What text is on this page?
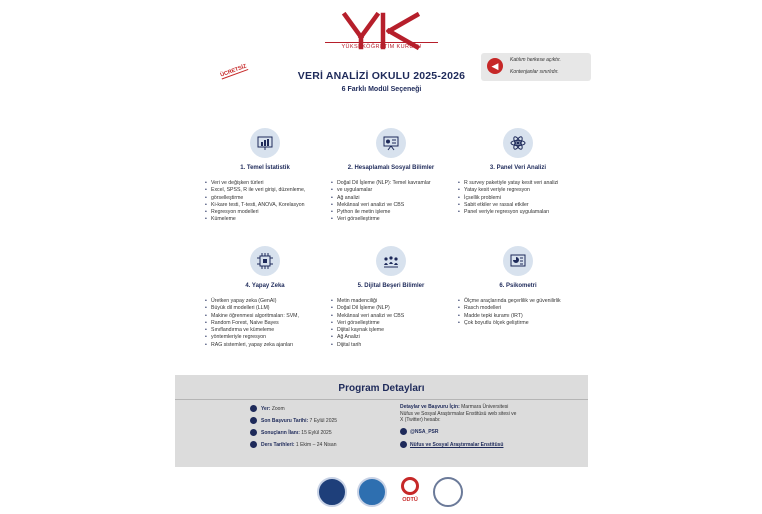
YÜKSEKÖĞRETİM KURULU
ÜCRETSİZ	VERİ ANALİZİ OKULU 2025-2026
6 Farklı Modül Seçeneği
◀
Katılım herkese açıktır.
Kontenjanlar sınırlıdır.
1. Temel İstatistik
• Veri ve değişken türleri
• Excel, SPSS, R ile veri girişi, düzenleme,
• görselleştirme
• Ki-kare testi, T-testi, ANOVA, Korelasyon
• Regresyon modelleri
• Kümeleme
2. Hesaplamalı Sosyal Bilimler
• Doğal Dil İşleme (NLP): Temel kavramlar
• ve uygulamalar
• Ağ analizi
• Mekânsal veri analizi ve CBS
• Python ile metin işleme
• Veri görselleştirme
3. Panel Veri Analizi
• R survey paketiyle yatay kesit veri analizi
• Yatay kesit veriyle regresyon
• İçsellik problemi
• Sabit etkiler ve rassal etkiler
• Panel veriyle regresyon uygulamaları
4. Yapay Zeka
• Üretken yapay zeka (GenAI)
• Büyük dil modelleri (LLM)
• Makine öğrenmesi algoritmaları: SVM,
• Random Forest, Naive Bayes
• Sınıflandırma ve kümeleme
• yöntemleriyle regresyon
• RAG sistemleri, yapay zeka ajanları
5. Dijital Beşeri Bilimler
• Metin madenciliği
• Doğal Dil İşleme (NLP)
• Mekânsal veri analizi ve CBS
• Veri görselleştirme
• Dijital kaynak işleme
• Ağ Analizi
• Dijital tarih
6. Psikometri
• Ölçme araçlarında geçerlilik ve güvenilirlik
• Rasch modelleri
• Madde tepki kuramı (IRT)
• Çok boyutlu ölçek geliştirme
Program Detayları
Yer: Zoom
Son Başvuru Tarihi: 7 Eylül 2025
Sonuçların İlanı: 15 Eylül 2025
Ders Tarihleri: 1 Ekim – 24 Nisan
Detaylar ve Başvuru İçin: Marmara Üniversitesi
Nüfus ve Sosyal Araştırmalar Enstitüsü web sitesi ve
X (Twitter) hesabı:
@NSA_PSR
Nüfus ve Sosyal Araştırmalar Enstitüsü
ODTÜ
